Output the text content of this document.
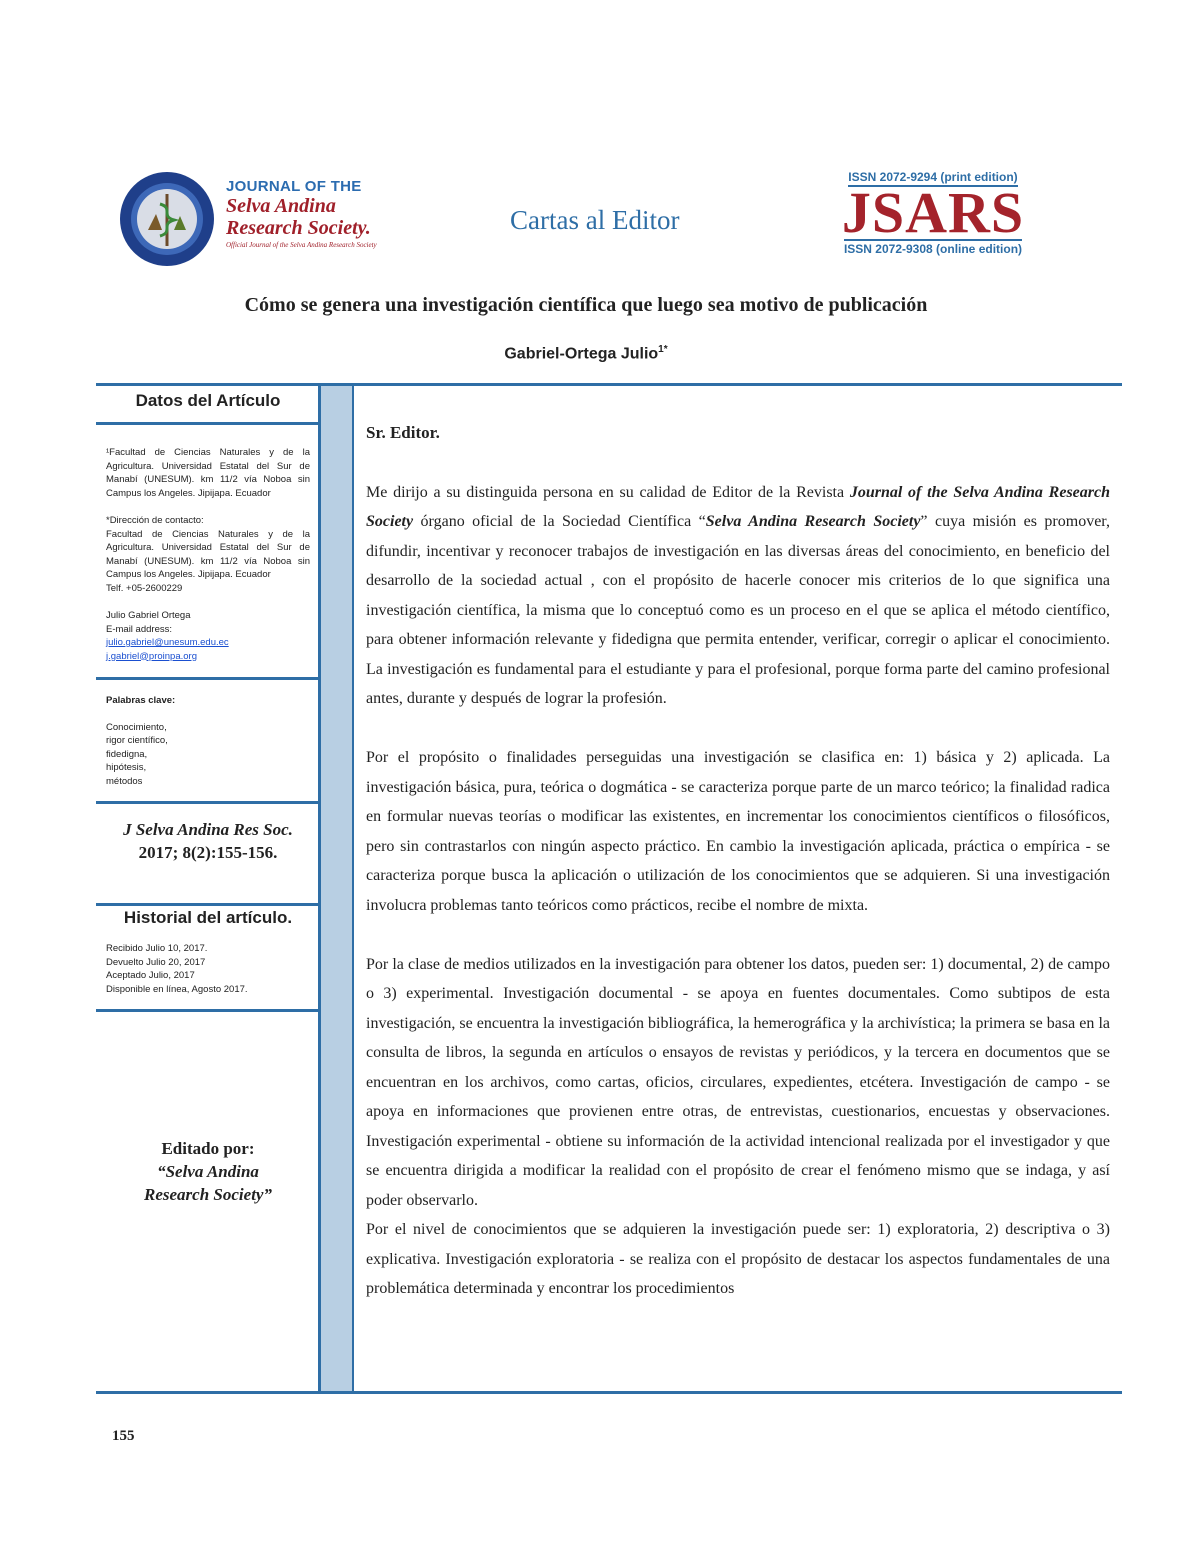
JOURNAL OF THE
Selva Andina
Research Society.
Official Journal of the Selva Andina Research Society
Cartas al Editor
ISSN 2072-9294 (print edition)
JSARS
ISSN 2072-9308 (online edition)
Cómo se genera una investigación científica que luego sea motivo de publicación
Gabriel-Ortega Julio$^{1*}$
Datos del Artículo
¹Facultad de Ciencias Naturales y de la Agricultura. Universidad Estatal del Sur de Manabí (UNESUM). km 11/2 vía Noboa sin Campus los Angeles. Jipijapa. Ecuador
*Dirección de contacto:
Facultad de Ciencias Naturales y de la Agricultura. Universidad Estatal del Sur de Manabí (UNESUM). km 11/2 vía Noboa sin Campus los Angeles. Jipijapa. Ecuador
Telf. +05-2600229
Julio Gabriel Ortega
E-mail address:
julio.gabriel@unesum.edu.ec
j.gabriel@proinpa.org
Palabras clave:
Conocimiento,
rigor científico,
fidedigna,
hipótesis,
métodos
J Selva Andina Res Soc.
2017; 8(2):155-156.
Historial del artículo.
Recibido Julio 10, 2017.
Devuelto Julio 20, 2017
Aceptado Julio, 2017
Disponible en línea, Agosto 2017.
Editado por:
“Selva Andina
Research Society”

Sr. Editor.

Me dirijo a su distinguida persona en su calidad de Editor de la Revista Journal of the Selva Andina Research Society órgano oficial de la Sociedad Científica “Selva Andina Research Society” cuya misión es promover, difundir, incentivar y reconocer trabajos de investigación en las diversas áreas del conocimiento, en beneficio del desarrollo de la sociedad actual , con el propósito de hacerle conocer mis criterios de lo que significa una investigación científica, la misma que lo conceptuó como es un proceso en el que se aplica el método científico, para obtener información relevante y fidedigna que permita entender, verificar, corregir o aplicar el conocimiento. La investigación es fundamental para el estudiante y para el profesional, porque forma parte del camino profesional antes, durante y después de lograr la profesión.

Por el propósito o finalidades perseguidas una investigación se clasifica en: 1) básica y 2) aplicada. La investigación básica, pura, teórica o dogmática - se caracteriza porque parte de un marco teórico; la finalidad radica en formular nuevas teorías o modificar las existentes, en incrementar los conocimientos científicos o filosóficos, pero sin contrastarlos con ningún aspecto práctico. En cambio la investigación aplicada, práctica o empírica - se caracteriza porque busca la aplicación o utilización de los conocimientos que se adquieren. Si una investigación involucra problemas tanto teóricos como prácticos, recibe el nombre de mixta.

Por la clase de medios utilizados en la investigación para obtener los datos, pueden ser: 1) documental, 2) de campo o 3) experimental. Investigación documental - se apoya en fuentes documentales. Como subtipos de esta investigación, se encuentra la investigación bibliográfica, la hemerográfica y la archivística; la primera se basa en la consulta de libros, la segunda en artículos o ensayos de revistas y periódicos, y la tercera en documentos que se encuentran en los archivos, como cartas, oficios, circulares, expedientes, etcétera. Investigación de campo - se apoya en informaciones que provienen entre otras, de entrevistas, cuestionarios, encuestas y observaciones. Investigación experimental - obtiene su información de la actividad intencional realizada por el investigador y que se encuentra dirigida a modificar la realidad con el propósito de crear el fenómeno mismo que se indaga, y así poder observarlo.

Por el nivel de conocimientos que se adquieren la investigación puede ser: 1) exploratoria, 2) descriptiva o 3) explicativa. Investigación exploratoria - se realiza con el propósito de destacar los aspectos fundamentales de una problemática determinada y encontrar los procedimientos

155
